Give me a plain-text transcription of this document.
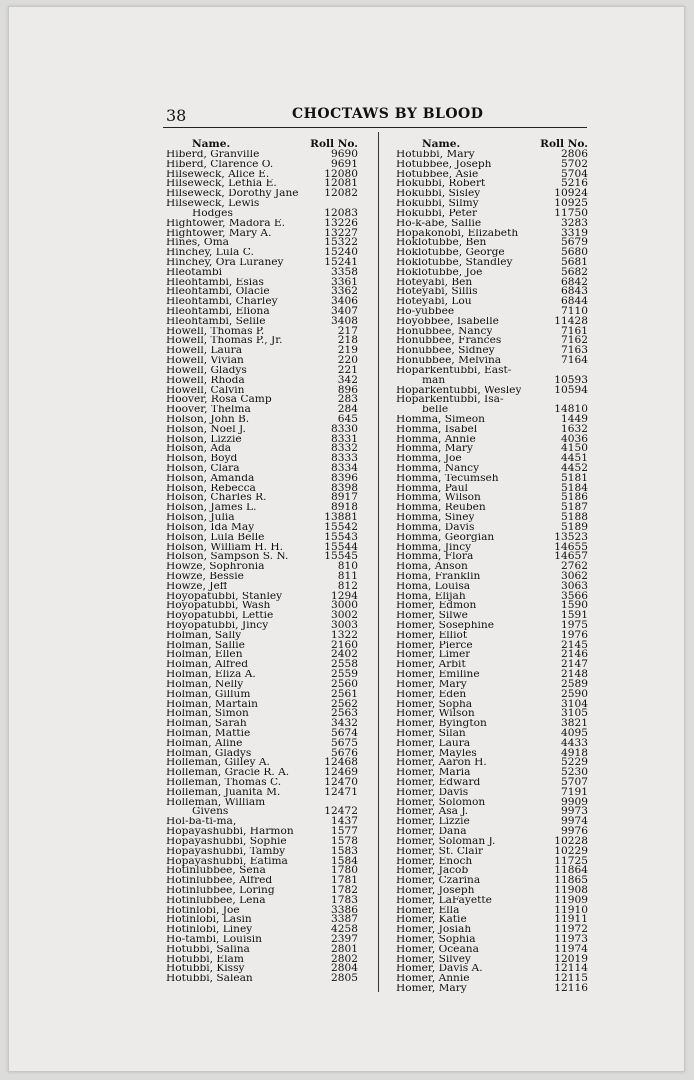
38	CHOCTAWS BY BLOOD
Name.	Roll No.
Hiberd, Granville	9690
Hiberd, Clarence O.	9691
Hilseweck, Alice E.	12080
Hilseweck, Lethia E.	12081
Hilseweck, Dorothy Jane 12082
Hilseweck, Lewis
Hodges	12083
Hightower, Madora E.	13226
Hightower, Mary A.	13227
Hines, Oma	15322
Hinchey, Lula C.	15240
Hinchey, Ora Luraney	15241
Hleotambi	3358
Hleohtambi, Esias	3361
Hleohtambi, Olacie	3362
Hleohtambi, Charley	3406
Hleohtambi, Eliona	3407
Hleohtambi, Selile	3408
Howell, Thomas P.	217
Howell, Thomas P., Jr.	218
Howell, Laura	219
Howell, Vivian	220
Howell, Gladys	221
Howell, Rhoda	342
Howell, Calvin	896
Hoover, Rosa Camp	283
Hoover, Thelma	284
Holson, John B.	645
Holson, Noel J.	8330
Holson, Lizzie	8331
Holson, Ada	8332
Holson, Boyd	8333
Holson, Clara	8334
Holson, Amanda	8396
Holson, Rebecca	8398
Holson, Charles R.	8917
Holson, James L.	8918
Holson, Julia	13881
Holson, Ida May	15542
Holson, Lula Belle	15543
Holson, William H. H.	15544
Holson, Sampson S. N.	15545
Howze, Sophronia	810
Howze, Bessie	811
Howze, Jeff	812
Hoyopatubbi, Stanley	1294
Hoyopatubbi, Wash	3000
Hoyopatubbi, Lettie	3002
Hoyopatubbi, Jincy	3003
Holman, Sally	1322
Holman, Sallie	2160
Holman, Ellen	2402
Holman, Alfred	2558
Holman, Eliza A.	2559
Holman, Nelly	2560
Holman, Gillum	2561
Holman, Martain	2562
Holman, Simon	2563
Holman, Sarah	3432
Holman, Mattie	5674
Holman, Aline	5675
Holman, Gladys	5676
Holleman, Gilley A.	12468
Holleman, Gracie R. A.	12469
Holleman, Thomas C.	12470
Holleman, Juanita M.	12471
Holleman, William
Givens	12472
Hol-ba-ti-ma,	1437
Hopayashubbi, Harmon	1577
Hopayashubbi, Sophie	1578
Hopayashubbi, Tamby	1583
Hopayashubbi, Eatima	1584
Hotinlubbee, Sena	1780
Hotinlubbee, Alfred	1781
Hotinlubbee, Loring	1782
Hotinlubbee, Lena	1783
Hotinlobi, Joe	3386
Hotinlobi, Lasin	3387
Hotinlobi, Liney	4258
Ho-tambi, Louisin	2397
Hotubbi, Salina	2801
Hotubbi, Elam	2802
Hotubbi, Kissy	2804
Hotubbi, Salean	2805
Name.	Roll No.
Hotubbi, Mary	2806
Hotubbee, Joseph	5702
Hotubbee, Asie	5704
Hokubbi, Robert	5216
Hokubbi, Sisley	10924
Hokubbi, Silmy	10925
Hokubbi, Peter	11750
Ho-k-abe, Sallie	3283
Hopakonobi, Elizabeth	3319
Hoklotubbe, Ben	5679
Hoklotubbe, George	5680
Hoklotubbe, Standley	5681
Hoklotubbe, Joe	5682
Hoteyabi, Ben	6842
Hoteyabi, Sillis	6843
Hoteyabi, Lou	6844
Ho-yubbee	7110
Hoyobbee, Isabelle	11428
Honubbee, Nancy	7161
Honubbee, Frances	7162
Honubbee, Sidney	7163
Honubbee, Melvina	7164
Hoparkentubbi, East-
man	10593
Hoparkentubbi, Wesley	10594
Hoparkentubbi, Isa-
belle	14810
Homma, Simeon	1449
Homma, Isabel	1632
Homma, Annie	4036
Homma, Mary	4150
Homma, Joe	4451
Homma, Nancy	4452
Homma, Tecumseh	5181
Homma, Paul	5184
Homma, Wilson	5186
Homma, Reuben	5187
Homma, Siney	5188
Homma, Davis	5189
Homma, Georgian	13523
Homma, Jincy	14655
Homma, Flora	14657
Homa, Anson	2762
Homa, Franklin	3062
Homa, Louisa	3063
Homa, Elijah	3566
Homer, Edmon	1590
Homer, Silwe	1591
Homer, Sosephine	1975
Homer, Elliot	1976
Homer, Pierce	2145
Homer, Limer	2146
Homer, Arbit	2147
Homer, Emiline	2148
Homer, Mary	2589
Homer, Eden	2590
Homer, Sopha	3104
Homer, Wilson	3105
Homer, Byington	3821
Homer, Silan	4095
Homer, Laura	4433
Homer, Mayles	4918
Homer, Aaron H.	5229
Homer, Maria	5230
Homer, Edward	5707
Homer, Davis	7191
Homer, Solomon	9909
Homer, Asa J.	9973
Homer, Lizzie	9974
Homer, Dana	9976
Homer, Soloman J.	10228
Homer, St. Clair	10229
Homer, Enoch	11725
Homer, Jacob	11864
Homer, Czarina	11865
Homer, Joseph	11908
Homer, LaFayette	11909
Homer, Ella	11910
Homer, Katie	11911
Homer, Josiah	11972
Homer, Sophia	11973
Homer, Oceana	11974
Homer, Silvey	12019
Homer, Davis A.	12114
Homer, Annie	12115
Homer, Mary	12116
